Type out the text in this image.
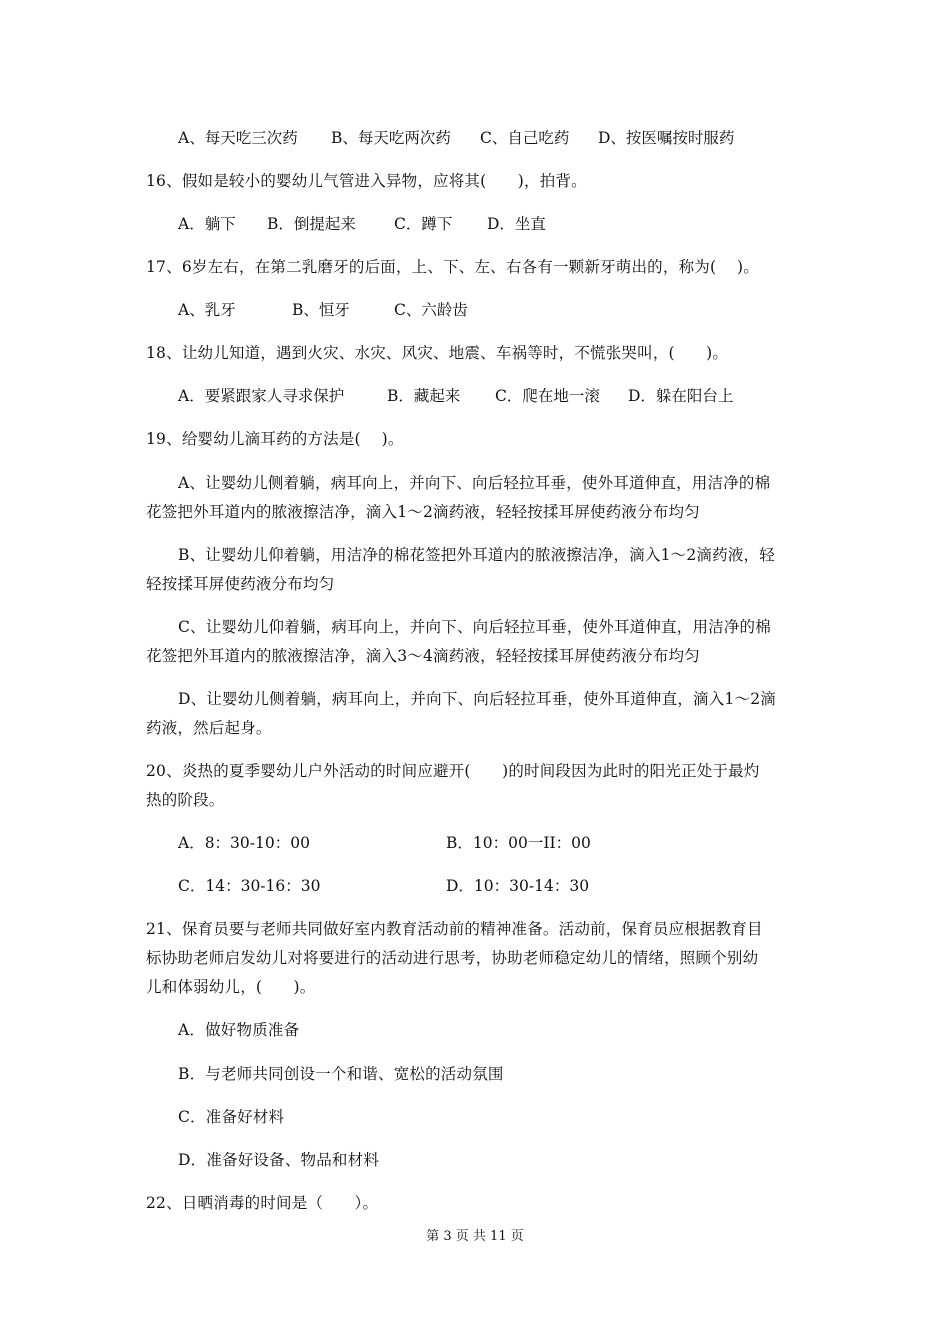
A、每天吃三次药 B、每天吃两次药 C、自己吃药 D、按医嘱按时服药
16、假如是较小的婴幼儿气管进入异物，应将其(　　)，拍背。
A．躺下 B．倒提起来 C．蹲下 D．坐直
17、6岁左右，在第二乳磨牙的后面，上、下、左、右各有一颗新牙萌出的，称为(　 )。
A、乳牙	B、恒牙	C、六龄齿
18、让幼儿知道，遇到火灾、水灾、风灾、地震、车祸等时，不慌张哭叫，(　　)。
A．要紧跟家人寻求保护	B．藏起来 C．爬在地一滚 D．躲在阳台上
19、给婴幼儿滴耳药的方法是(　 )。
A、让婴幼儿侧着躺，病耳向上，并向下、向后轻拉耳垂，使外耳道伸直，用洁净的棉
花签把外耳道内的脓液擦洁净，滴入1～2滴药液，轻轻按揉耳屏使药液分布均匀
B、让婴幼儿仰着躺，用洁净的棉花签把外耳道内的脓液擦洁净，滴入1～2滴药液，轻
轻按揉耳屏使药液分布均匀
C、让婴幼儿仰着躺，病耳向上，并向下、向后轻拉耳垂，使外耳道伸直，用洁净的棉
花签把外耳道内的脓液擦洁净，滴入3～4滴药液，轻轻按揉耳屏使药液分布均匀
D、让婴幼儿侧着躺，病耳向上，并向下、向后轻拉耳垂，使外耳道伸直，滴入1～2滴
药液，然后起身。
20、炎热的夏季婴幼儿户外活动的时间应避开(　　)的时间段因为此时的阳光正处于最灼
热的阶段。
A．8：30-10：00	B．10：00一II：00
C．14：30-16：30	D．10：30-14：30
21、保育员要与老师共同做好室内教育活动前的精神准备。活动前，保育员应根据教育目
标协助老师启发幼儿对将要进行的活动进行思考，协助老师稳定幼儿的情绪，照顾个别幼
儿和体弱幼儿，(　　)。
A．做好物质准备
B．与老师共同创设一个和谐、宽松的活动氛围
C．准备好材料
D．准备好设备、物品和材料
22、日晒消毒的时间是（　　）。
第 3 页 共 11 页
